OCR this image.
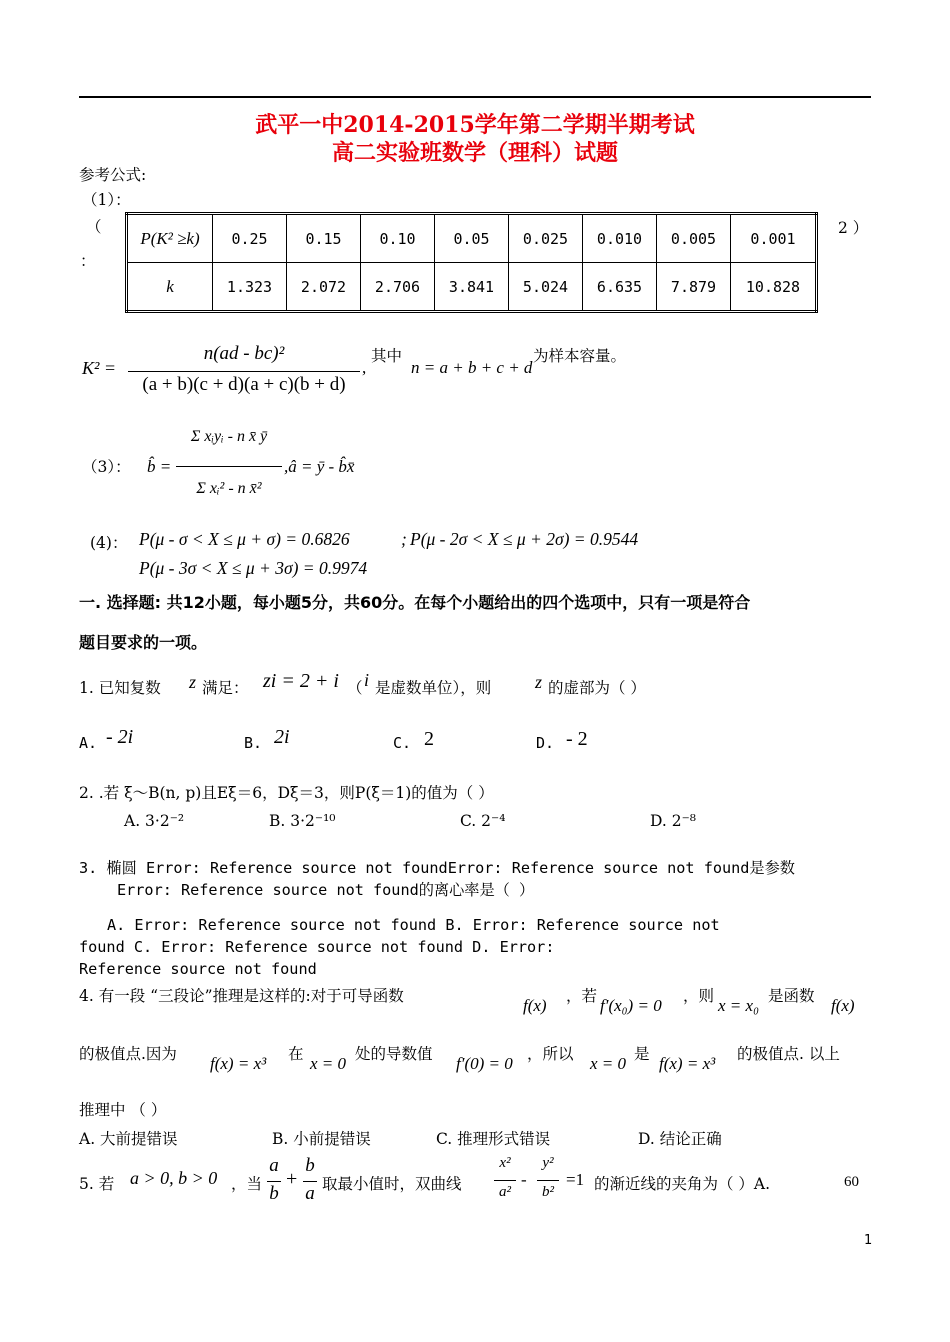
武平一中2014-2015学年第二学期半期考试
高二实验班数学（理科）试题
参考公式:
（1）：
（
：
2 ）
P(K² ≥k)	0.25	0.15	0.10	0.05	0.025	0.010	0.005	0.001
k	1.323	2.072	2.706	3.841	5.024	6.635	7.879	10.828
K² =
n(ad - bc)²
(a + b)(c + d)(a + c)(b + d)
,
其中
n = a + b + c + d
为样本容量。
（3）： b̂ =
Σ xᵢyᵢ - n x̄ ȳ
Σ xᵢ² - n x̄²
,â = ȳ - b̂x̄
(4)： P(μ - σ < X ≤ μ + σ) = 0.6826	; P(μ - 2σ < X ≤ μ + 2σ) = 0.9544
P(μ - 3σ < X ≤ μ + 3σ) = 0.9974
一. 选择题: 共12小题，每小题5分，共60分。在每个小题给出的四个选项中，只有一项是符合
题目要求的一项。
1. 已知复数 z 满足： zi = 2 + i （ i 是虚数单位），则 z 的虚部为（ ）
A. - 2i	B. 2i	C. 2	D. - 2
2. .若 ξ～B(n, p)且Eξ＝6，Dξ＝3，则P(ξ＝1)的值为（ ）
A. 3·2⁻²	B. 3·2⁻¹⁰	C. 2⁻⁴	D. 2⁻⁸
3. 椭圆 Error: Reference source not foundError: Reference source not found是参数
Error: Reference source not found的离心率是（ ）
A. Error: Reference source not found B. Error: Reference source not
found C. Error: Reference source not found D. Error:
Reference source not found
4. 有一段 “三段论”推理是这样的:对于可导函数	f(x) ，若 f′(x₀) = 0 ，则 x = x₀ 是函数 f(x)
的极值点.因为 f(x) = x³ 在 x = 0 处的导数值 f′(0) = 0 ，所以 x = 0 是 f(x) = x³ 的极值点. 以上
推理中 （ ）
A. 大前提错误	B. 小前提错误	C. 推理形式错误	D. 结论正确
5. 若 a > 0, b > 0 ，当
a
b
+
b
a 取最小值时，双曲线
x²
a²
-
y²
b²
=1 的渐近线的夹角为（ ）A.	60
1
